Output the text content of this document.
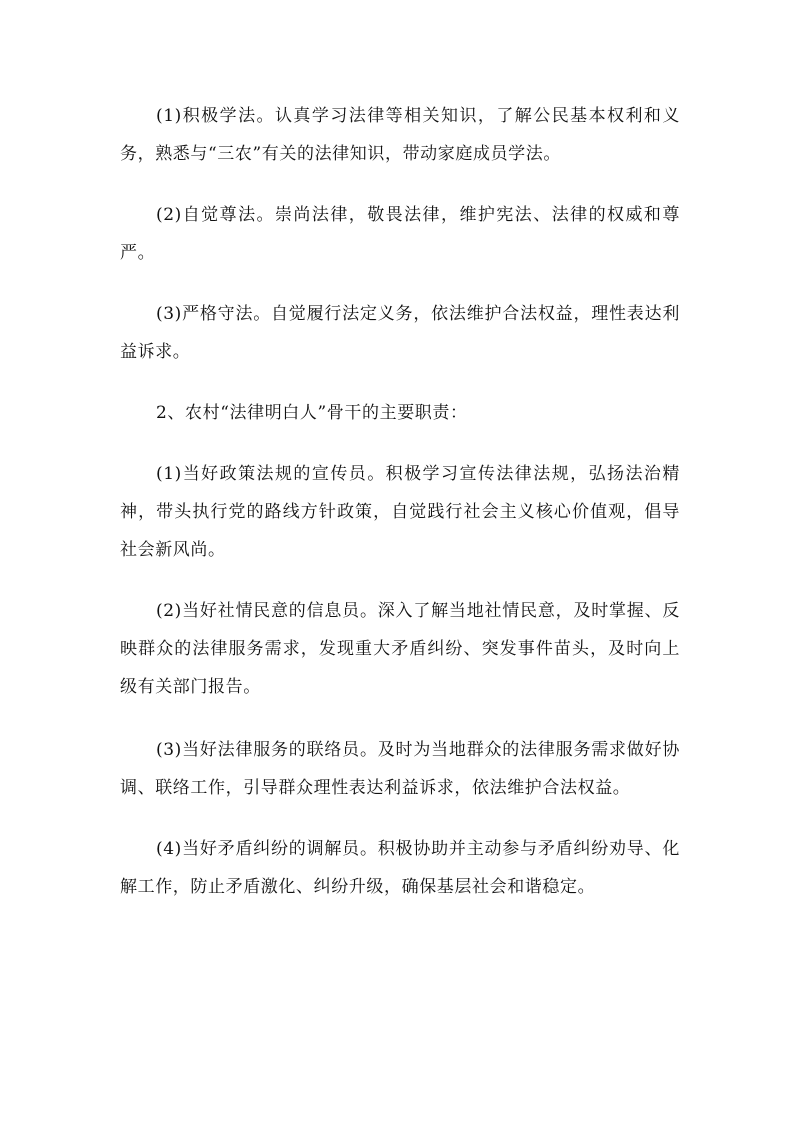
(1)积极学法。认真学习法律等相关知识，了解公民基本权利和义务，熟悉与“三农”有关的法律知识，带动家庭成员学法。

(2)自觉尊法。崇尚法律，敬畏法律，维护宪法、法律的权威和尊严。

(3)严格守法。自觉履行法定义务，依法维护合法权益，理性表达利益诉求。

2、农村“法律明白人”骨干的主要职责：

(1)当好政策法规的宣传员。积极学习宣传法律法规，弘扬法治精神，带头执行党的路线方针政策，自觉践行社会主义核心价值观，倡导社会新风尚。

(2)当好社情民意的信息员。深入了解当地社情民意，及时掌握、反映群众的法律服务需求，发现重大矛盾纠纷、突发事件苗头，及时向上级有关部门报告。

(3)当好法律服务的联络员。及时为当地群众的法律服务需求做好协调、联络工作，引导群众理性表达利益诉求，依法维护合法权益。

(4)当好矛盾纠纷的调解员。积极协助并主动参与矛盾纠纷劝导、化解工作，防止矛盾激化、纠纷升级，确保基层社会和谐稳定。
